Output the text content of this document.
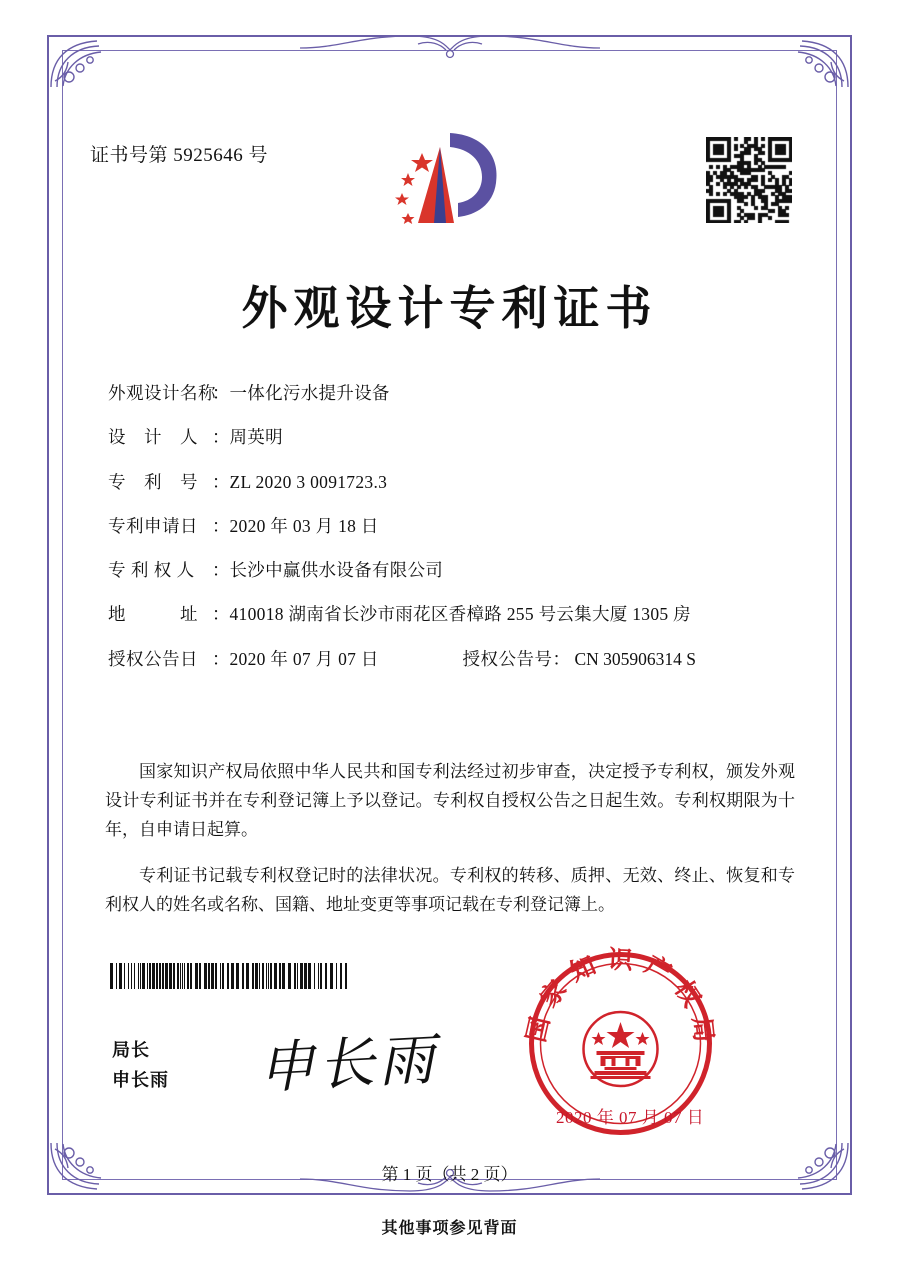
证书号第 5925646 号
外观设计专利证书
外观设计名称
： 一体化污水提升设备
设　计　人 ： 周英明
专　利　号 ： ZL 2020 3 0091723.3
专利申请日 ： 2020 年 03 月 18 日
专 利 权 人 ： 长沙中赢供水设备有限公司
地　　　址 ： 410018 湖南省长沙市雨花区香樟路 255 号云集大厦 1305 房
授权公告日 ： 2020 年 07 月 07 日	授权公告号： CN 305906314 S

国家知识产权局依照中华人民共和国专利法经过初步审查，决定授予专利权，颁发外观设计专利证书并在专利登记簿上予以登记。专利权自授权公告之日起生效。专利权期限为十年，自申请日起算。

专利证书记载专利权登记时的法律状况。专利权的转移、质押、无效、终止、恢复和专利权人的姓名或名称、国籍、地址变更等事项记载在专利登记簿上。

局长
申长雨 申长雨
国家知识产权局
2020 年 07 月 07 日
第 1 页（共 2 页）
其他事项参见背面
